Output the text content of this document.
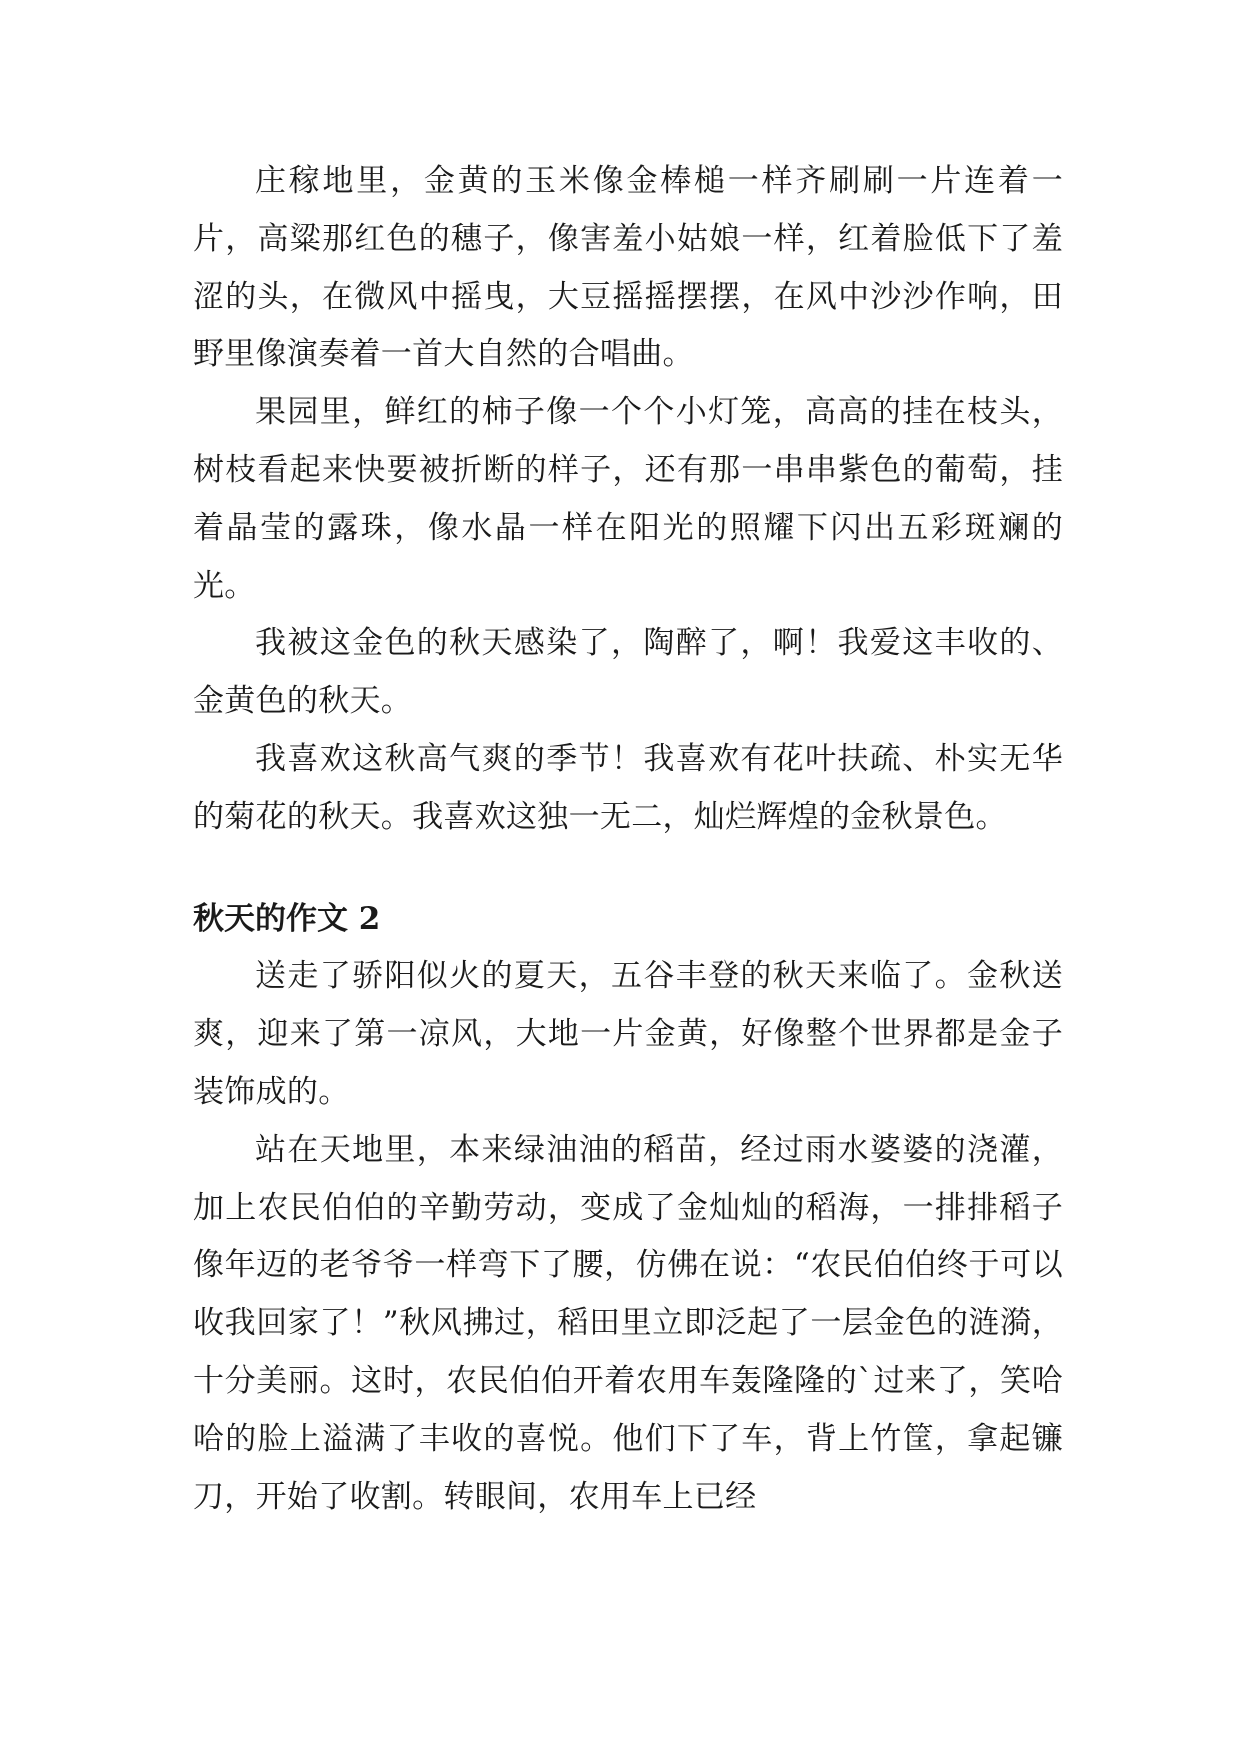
庄稼地里，金黄的玉米像金棒槌一样齐刷刷一片连着一片，高粱那红色的穗子，像害羞小姑娘一样，红着脸低下了羞涩的头，在微风中摇曳，大豆摇摇摆摆，在风中沙沙作响，田野里像演奏着一首大自然的合唱曲。

果园里，鲜红的柿子像一个个小灯笼，高高的挂在枝头，树枝看起来快要被折断的样子，还有那一串串紫色的葡萄，挂着晶莹的露珠，像水晶一样在阳光的照耀下闪出五彩斑斓的光。

我被这金色的秋天感染了，陶醉了，啊！我爱这丰收的、金黄色的秋天。

我喜欢这秋高气爽的季节！我喜欢有花叶扶疏、朴实无华的菊花的秋天。我喜欢这独一无二，灿烂辉煌的金秋景色。

秋天的作文 2

送走了骄阳似火的夏天，五谷丰登的秋天来临了。金秋送爽，迎来了第一凉风，大地一片金黄，好像整个世界都是金子装饰成的。

站在天地里，本来绿油油的稻苗，经过雨水婆婆的浇灌，加上农民伯伯的辛勤劳动，变成了金灿灿的稻海，一排排稻子像年迈的老爷爷一样弯下了腰，仿佛在说：“农民伯伯终于可以收我回家了！”秋风拂过，稻田里立即泛起了一层金色的涟漪，十分美丽。这时，农民伯伯开着农用车轰隆隆的`过来了，笑哈哈的脸上溢满了丰收的喜悦。他们下了车，背上竹筐，拿起镰刀，开始了收割。转眼间，农用车上已经
